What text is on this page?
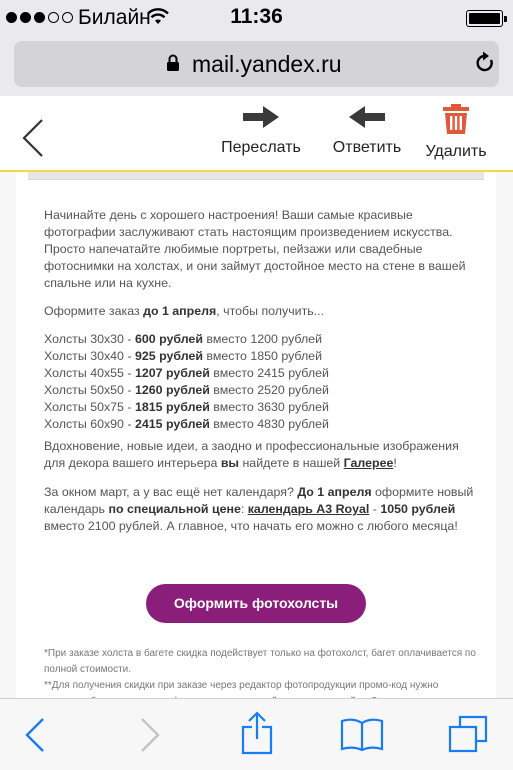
Билайн	11:36
mail.yandex.ru
Переслать	Ответить	Удалить

Начинайте день с хорошего настроения! Ваши самые красивые фотографии заслуживают стать настоящим произведением искусства. Просто напечатайте любимые портреты, пейзажи или свадебные фотоснимки на холстах, и они займут достойное место на стене в вашей спальне или на кухне.

Оформите заказ до 1 апреля, чтобы получить...

Холсты 30x30 - 600 рублей вместо 1200 рублей
Холсты 30x40 - 925 рублей вместо 1850 рублей
Холсты 40x55 - 1207 рублей вместо 2415 рублей
Холсты 50x50 - 1260 рублей вместо 2520 рублей
Холсты 50x75 - 1815 рублей вместо 3630 рублей
Холсты 60x90 - 2415 рублей вместо 4830 рублей

Вдохновение, новые идеи, а заодно и профессиональные изображения для декора вашего интерьера вы найдете в нашей Галерее!

За окном март, а у вас ещё нет календаря? До 1 апреля оформите новый календарь по специальной цене: календарь А3 Royal - 1050 рублей вместо 2100 рублей. А главное, что начать его можно с любого месяца!

Оформить фотохолсты

*При заказе холста в багете скидка подействует только на фотохолст, багет оплачивается по полной стоимости.

**Для получения скидки при заказе через редактор фотопродукции промо-код нужно
